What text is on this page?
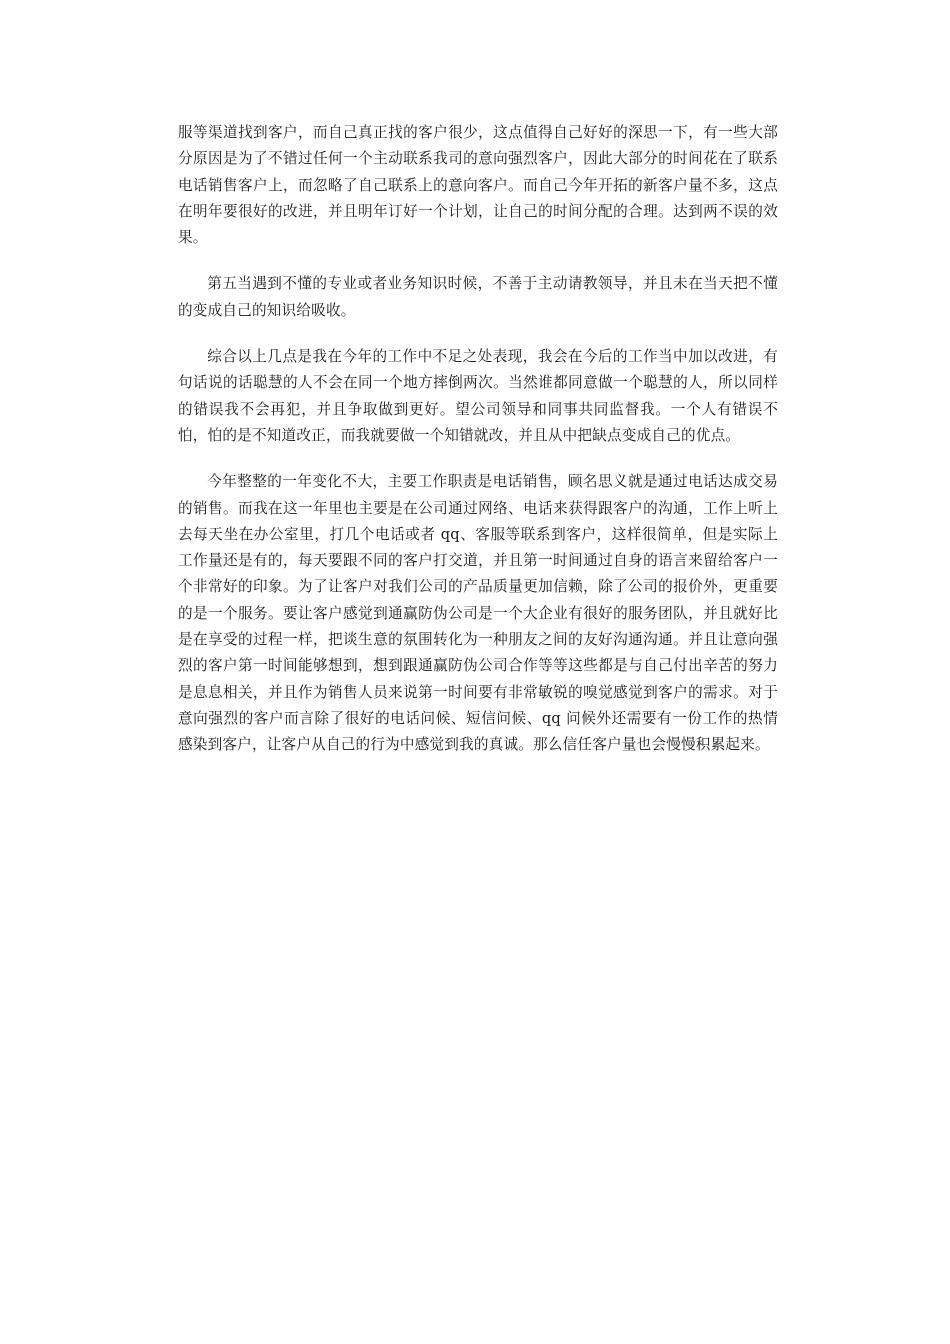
服等渠道找到客户，而自己真正找的客户很少，这点值得自己好好的深思一下，有一些大部分原因是为了不错过任何一个主动联系我司的意向强烈客户，因此大部分的时间花在了联系电话销售客户上，而忽略了自己联系上的意向客户。而自己今年开拓的新客户量不多，这点在明年要很好的改进，并且明年订好一个计划，让自己的时间分配的合理。达到两不误的效果。

第五当遇到不懂的专业或者业务知识时候，不善于主动请教领导，并且未在当天把不懂的变成自己的知识给吸收。

综合以上几点是我在今年的工作中不足之处表现，我会在今后的工作当中加以改进，有句话说的话聪慧的人不会在同一个地方摔倒两次。当然谁都同意做一个聪慧的人，所以同样的错误我不会再犯，并且争取做到更好。望公司领导和同事共同监督我。一个人有错误不怕，怕的是不知道改正，而我就要做一个知错就改，并且从中把缺点变成自己的优点。

今年整整的一年变化不大，主要工作职责是电话销售，顾名思义就是通过电话达成交易的销售。而我在这一年里也主要是在公司通过网络、电话来获得跟客户的沟通，工作上听上去每天坐在办公室里，打几个电话或者 qq、客服等联系到客户，这样很简单，但是实际上工作量还是有的，每天要跟不同的客户打交道，并且第一时间通过自身的语言来留给客户一个非常好的印象。为了让客户对我们公司的产品质量更加信赖，除了公司的报价外，更重要的是一个服务。要让客户感觉到通赢防伪公司是一个大企业有很好的服务团队，并且就好比是在享受的过程一样，把谈生意的氛围转化为一种朋友之间的友好沟通沟通。并且让意向强烈的客户第一时间能够想到，想到跟通赢防伪公司合作等等这些都是与自己付出辛苦的努力是息息相关，并且作为销售人员来说第一时间要有非常敏锐的嗅觉感觉到客户的需求。对于意向强烈的客户而言除了很好的电话问候、短信问候、qq 问候外还需要有一份工作的热情感染到客户，让客户从自己的行为中感觉到我的真诚。那么信任客户量也会慢慢积累起来。
